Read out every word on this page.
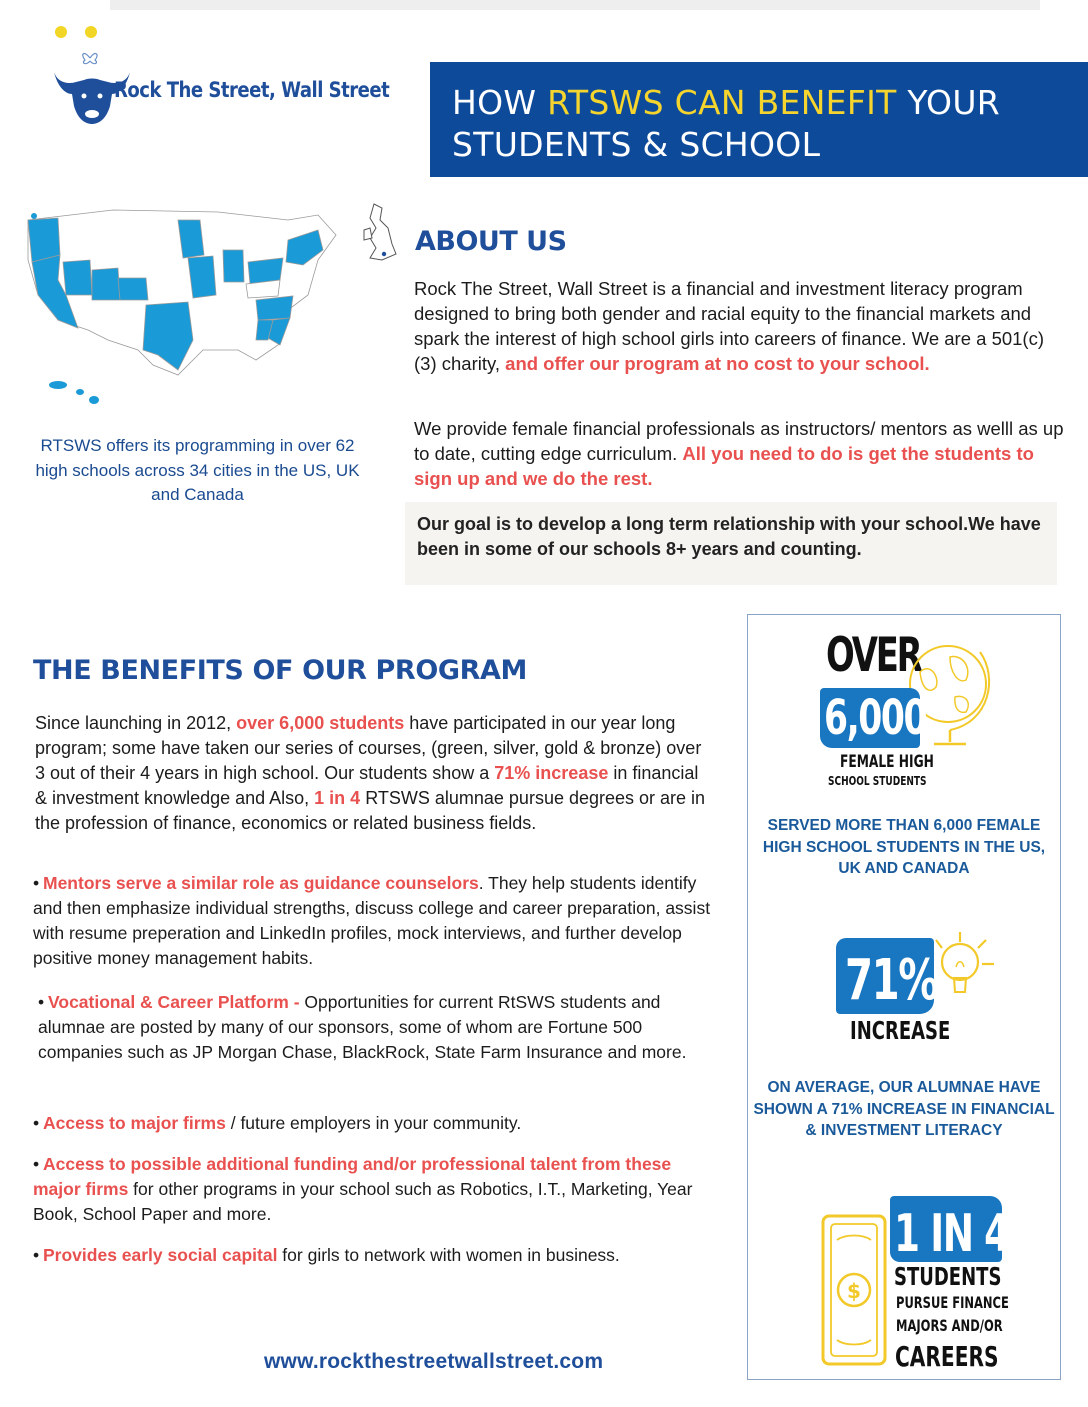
Rock The Street, Wall Street HOW RTSWS CAN BENEFIT YOUR
STUDENTS & SCHOOL
RTSWS offers its programming in over 62 high schools across 34 cities in the US, UK and Canada
ABOUT US
Rock The Street, Wall Street is a financial and investment literacy program designed to bring both gender and racial equity to the financial markets and spark the interest of high school girls into careers of finance. We are a 501(c)(3) charity, and offer our program at no cost to your school.
We provide female financial professionals as instructors/ mentors as welll as up to date, cutting edge curriculum. All you need to do is get the students to sign up and we do the rest.
Our goal is to develop a long term relationship with your school.We have been in some of our schools 8+ years and counting.
THE BENEFITS OF OUR PROGRAM
Since launching in 2012, over 6,000 students have participated in our year long program; some have taken our series of courses, (green, silver, gold & bronze) over 3 out of their 4 years in high school. Our students show a 71% increase in financial & investment knowledge and Also, 1 in 4 RTSWS alumnae pursue degrees or are in the profession of finance, economics or related business fields.
• Mentors serve a similar role as guidance counselors. They help students identify and then emphasize individual strengths, discuss college and career preparation, assist with resume preperation and LinkedIn profiles, mock interviews, and further develop positive money management habits.
• Vocational & Career Platform - Opportunities for current RtSWS students and alumnae are posted by many of our sponsors, some of whom are Fortune 500 companies such as JP Morgan Chase, BlackRock, State Farm Insurance and more.
• Access to major firms / future employers in your community.
• Access to possible additional funding and/or professional talent from these major firms for other programs in your school such as Robotics, I.T., Marketing, Year Book, School Paper and more.
• Provides early social capital for girls to network with women in business.
www.rockthestreetwallstreet.com
OVER
6,000
FEMALE HIGH
SCHOOL STUDENTS
SERVED MORE THAN 6,000 FEMALE HIGH SCHOOL STUDENTS IN THE US, UK AND CANADA
71%
INCREASE
ON AVERAGE, OUR ALUMNAE HAVE SHOWN A 71% INCREASE IN FINANCIAL & INVESTMENT LITERACY
$
1 IN 4
STUDENTS
PURSUE FINANCE
MAJORS AND/OR
CAREERS
